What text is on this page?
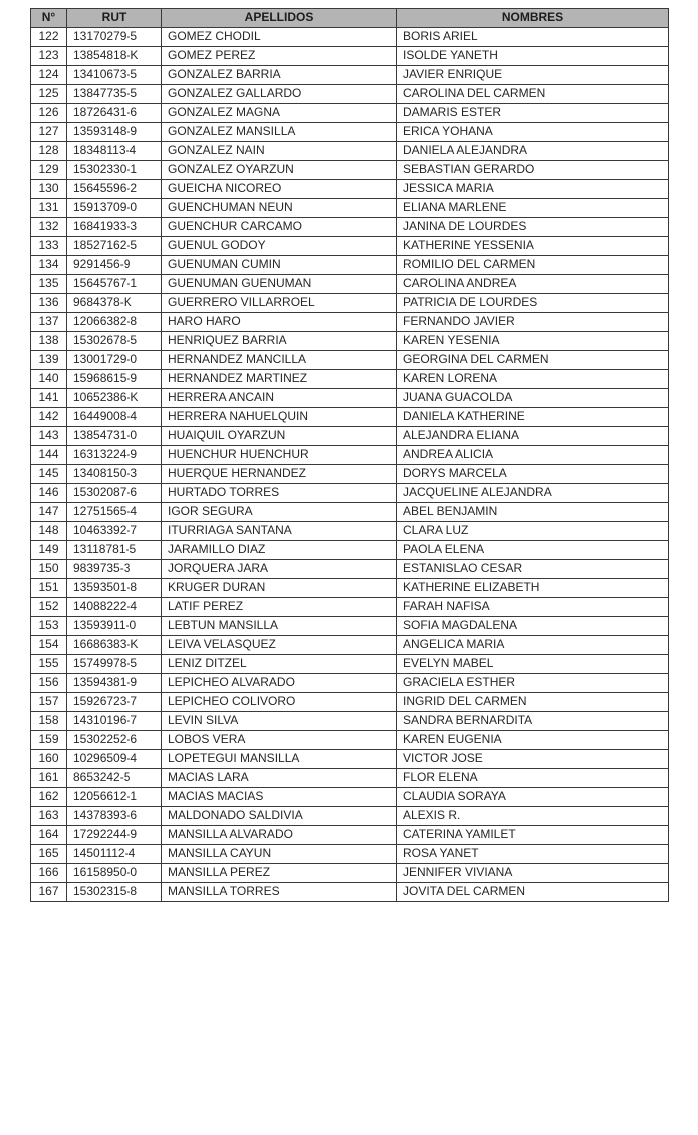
N°	RUT	APELLIDOS	NOMBRES
122	13170279-5	GOMEZ CHODIL	BORIS ARIEL
123	13854818-K	GOMEZ PEREZ	ISOLDE YANETH
124	13410673-5	GONZALEZ BARRIA	JAVIER ENRIQUE
125	13847735-5	GONZALEZ GALLARDO	CAROLINA DEL CARMEN
126	18726431-6	GONZALEZ MAGNA	DAMARIS ESTER
127	13593148-9	GONZALEZ MANSILLA	ERICA YOHANA
128	18348113-4	GONZALEZ NAIN	DANIELA ALEJANDRA
129	15302330-1	GONZALEZ OYARZUN	SEBASTIAN GERARDO
130	15645596-2	GUEICHA NICOREO	JESSICA MARIA
131	15913709-0	GUENCHUMAN NEUN	ELIANA MARLENE
132	16841933-3	GUENCHUR CARCAMO	JANINA DE LOURDES
133	18527162-5	GUENUL GODOY	KATHERINE YESSENIA
134	9291456-9	GUENUMAN CUMIN	ROMILIO DEL CARMEN
135	15645767-1	GUENUMAN GUENUMAN	CAROLINA ANDREA
136	9684378-K	GUERRERO VILLARROEL	PATRICIA DE LOURDES
137	12066382-8	HARO HARO	FERNANDO JAVIER
138	15302678-5	HENRIQUEZ BARRIA	KAREN YESENIA
139	13001729-0	HERNANDEZ MANCILLA	GEORGINA DEL CARMEN
140	15968615-9	HERNANDEZ MARTINEZ	KAREN LORENA
141	10652386-K	HERRERA ANCAIN	JUANA GUACOLDA
142	16449008-4	HERRERA NAHUELQUIN	DANIELA KATHERINE
143	13854731-0	HUAIQUIL OYARZUN	ALEJANDRA ELIANA
144	16313224-9	HUENCHUR HUENCHUR	ANDREA ALICIA
145	13408150-3	HUERQUE HERNANDEZ	DORYS MARCELA
146	15302087-6	HURTADO TORRES	JACQUELINE ALEJANDRA
147	12751565-4	IGOR SEGURA	ABEL BENJAMIN
148	10463392-7	ITURRIAGA SANTANA	CLARA LUZ
149	13118781-5	JARAMILLO DIAZ	PAOLA ELENA
150	9839735-3	JORQUERA JARA	ESTANISLAO CESAR
151	13593501-8	KRUGER DURAN	KATHERINE ELIZABETH
152	14088222-4	LATIF PEREZ	FARAH NAFISA
153	13593911-0	LEBTUN MANSILLA	SOFIA MAGDALENA
154	16686383-K	LEIVA VELASQUEZ	ANGELICA MARIA
155	15749978-5	LENIZ DITZEL	EVELYN MABEL
156	13594381-9	LEPICHEO ALVARADO	GRACIELA ESTHER
157	15926723-7	LEPICHEO COLIVORO	INGRID DEL CARMEN
158	14310196-7	LEVIN SILVA	SANDRA BERNARDITA
159	15302252-6	LOBOS VERA	KAREN EUGENIA
160	10296509-4	LOPETEGUI MANSILLA	VICTOR JOSE
161	8653242-5	MACIAS LARA	FLOR ELENA
162	12056612-1	MACIAS MACIAS	CLAUDIA SORAYA
163	14378393-6	MALDONADO SALDIVIA	ALEXIS R.
164	17292244-9	MANSILLA ALVARADO	CATERINA YAMILET
165	14501112-4	MANSILLA CAYUN	ROSA YANET
166	16158950-0	MANSILLA PEREZ	JENNIFER VIVIANA
167	15302315-8	MANSILLA TORRES	JOVITA DEL CARMEN
